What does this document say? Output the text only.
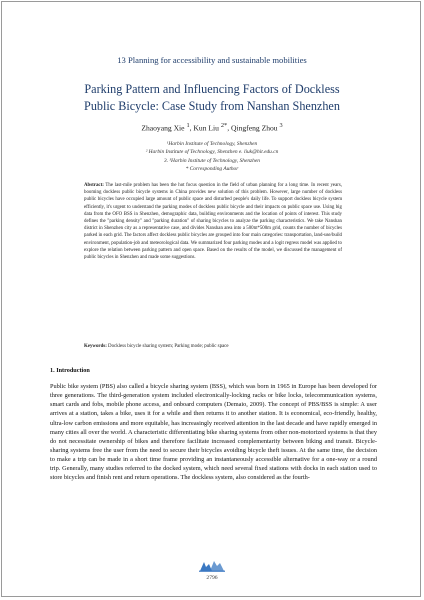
13 Planning for accessibility and sustainable mobilities
Parking Pattern and Influencing Factors of Dockless
Public Bicycle: Case Study from Nanshan Shenzhen
Zhaoyang Xie $^1$, Kun Liu $^{2*}$, Qingfeng Zhou $^3$
¹Harbin Institute of Technology, Shenzhen
² Harbin Institute of Technology, Shenzhen e. liuk@hit.edu.cn
3. ³Harbin Institute of Technology, Shenzhen
* Corresponding Author
Abstract: The last-mile problem has been the hot focus question in the field of urban planning for a long time. In recent years, booming dockless public bicycle systems in China provides new solution of this problem. However, large number of dockless public bicycles have occupied large amount of public space and disturbed people's daily life. To support dockless bicycle system efficiently, it's urgent to understand the parking modes of dockless public bicycle and their impacts on public space use. Using big data from the OFO BSS in Shenzhen, demographic data, building environments and the location of points of interest. This study defines the "parking density" and "parking duration" of sharing bicycles to analyze the parking characteristics. We take Nanshan district in Shenzhen city as a representative case, and divides Nanshan area into a 500m*500m grid, counts the number of bicycles parked in each grid. The factors affect dockless public bicycles are grouped into four main categories: transportation, land-use/build environment, population-job and meteorological data. We summarized four parking modes and a logit regress model was applied to explore the relation between parking pattern and open space. Based on the results of the model, we discussed the management of public bicycles in Shenzhen and made some suggestions.
Keywords: Dockless bicycle sharing system; Parking mode; public space
1. Introduction
Public bike system (PBS) also called a bicycle sharing system (BSS), which was born in 1965 in Europe has been developed for three generations. The third-generation system included electronically-locking racks or bike locks, telecommunication systems, smart cards and fobs, mobile phone access, and onboard computers (Demaio, 2009). The concept of PBS/BSS is simple: A user arrives at a station, takes a bike, uses it for a while and then returns it to another station. It is economical, eco-friendly, healthy, ultra-low carbon emissions and more equitable, has increasingly received attention in the last decade and have rapidly emerged in many cities all over the world. A characteristic differentiating bike sharing systems from other non-motorized systems is that they do not necessitate ownership of bikes and therefore facilitate increased complementarity between biking and transit. Bicycle-sharing systems free the user from the need to secure their bicycles avoiding bicycle theft issues. At the same time, the decision to make a trip can be made in a short time frame providing an instantaneously accessible alternative for a one-way or a round trip. Generally, many studies referred to the docked system, which need several fixed stations with docks in each station used to store bicycles and finish rent and return operations. The dockless system, also considered as the fourth-
2796
